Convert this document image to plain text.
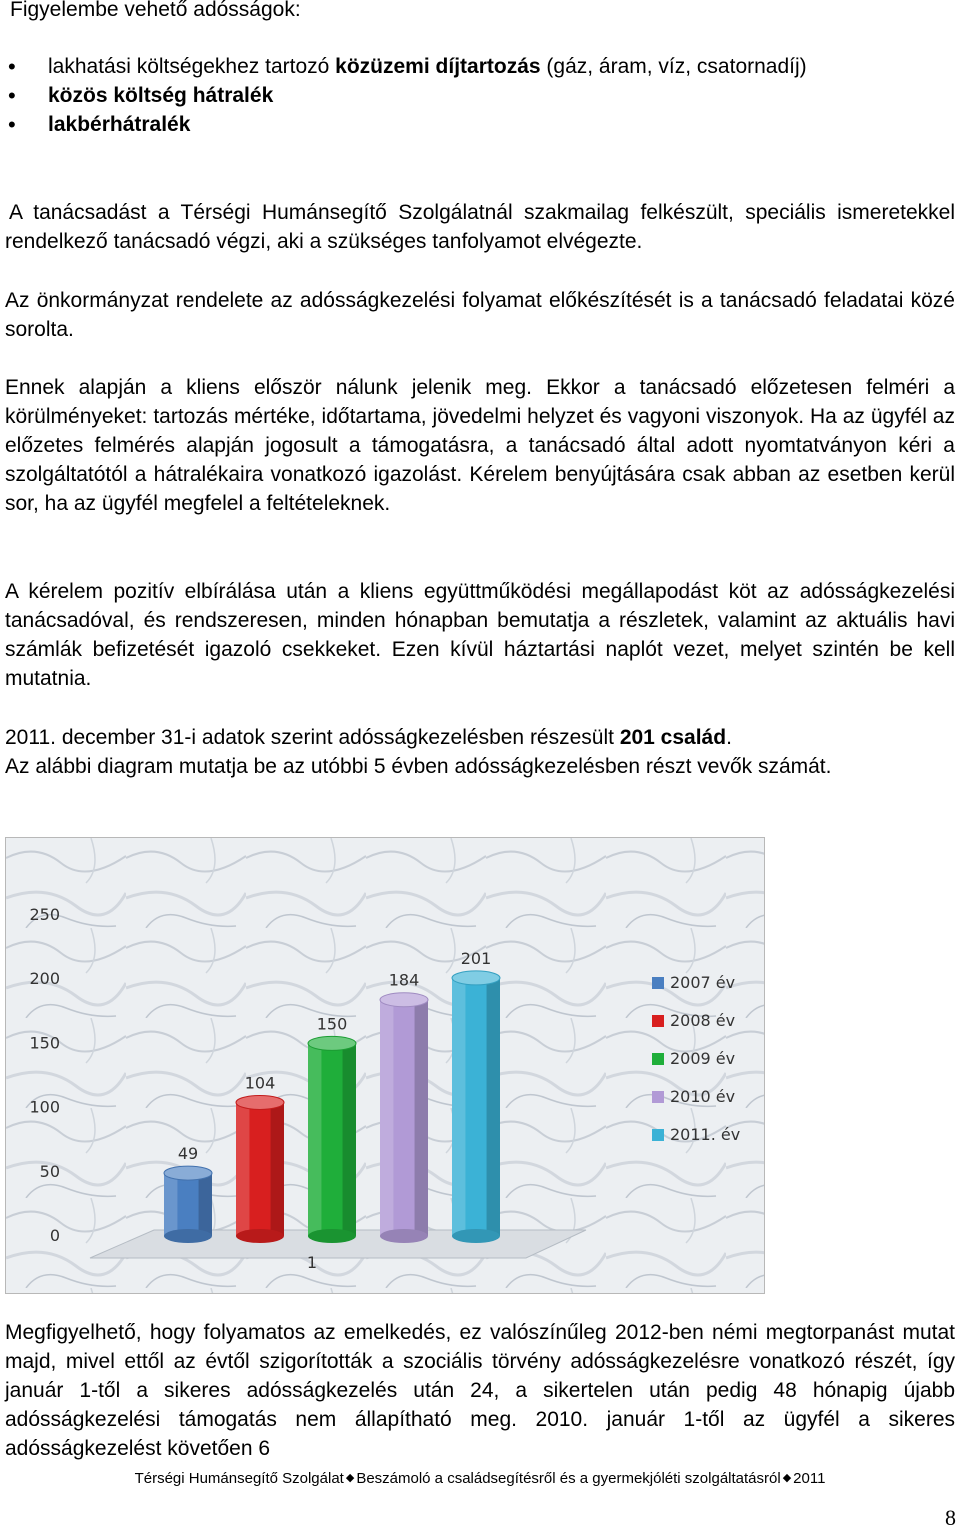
Figyelembe vehető adósságok:
• lakhatási költségekhez tartozó közüzemi díjtartozás (gáz, áram, víz, csatornadíj)
• közös költség hátralék
• lakbérhátralék

A tanácsadást a Térségi Humánsegítő Szolgálatnál szakmailag felkészült, speciális ismeretekkel rendelkező tanácsadó végzi, aki a szükséges tanfolyamot elvégezte.

Az önkormányzat rendelete az adósságkezelési folyamat előkészítését is a tanácsadó feladatai közé sorolta.

Ennek alapján a kliens először nálunk jelenik meg. Ekkor a tanácsadó előzetesen felméri a körülményeket: tartozás mértéke, időtartama, jövedelmi helyzet és vagyoni viszonyok. Ha az ügyfél az előzetes felmérés alapján jogosult a támogatásra, a tanácsadó által adott nyomtatványon kéri a szolgáltatótól a hátralékaira vonatkozó igazolást. Kérelem benyújtására csak abban az esetben kerül sor, ha az ügyfél megfelel a feltételeknek.

A kérelem pozitív elbírálása után a kliens együttműködési megállapodást köt az adósságkezelési tanácsadóval, és rendszeresen, minden hónapban bemutatja a részletek, valamint az aktuális havi számlák befizetését igazoló csekkeket. Ezen kívül háztartási naplót vezet, melyet szintén be kell mutatnia.

2011. december 31-i adatok szerint adósságkezelésben részesült 201 család.

Az alábbi diagram mutatja be az utóbbi 5 évben adósságkezelésben részt vevők számát.

0
50
100
150
200
250
49
104
150
184
201
2007 év
2008 év
2009 év
2010 év
2011. év
1

Megfigyelhető, hogy folyamatos az emelkedés, ez valószínűleg 2012-ben némi megtorpanást mutat majd, mivel ettől az évtől szigorították a szociális törvény adósságkezelésre vonatkozó részét, így január 1-től a sikeres adósságkezelés után 24, a sikertelen után pedig 48 hónapig újabb adósságkezelési támogatás nem állapítható meg. 2010. január 1-től az ügyfél a sikeres adósságkezelést követően 6

Térségi Humánsegítő Szolgálat ◆ Beszámoló a családsegítésről és a gyermekjóléti szolgáltatásról ◆ 2011
8
